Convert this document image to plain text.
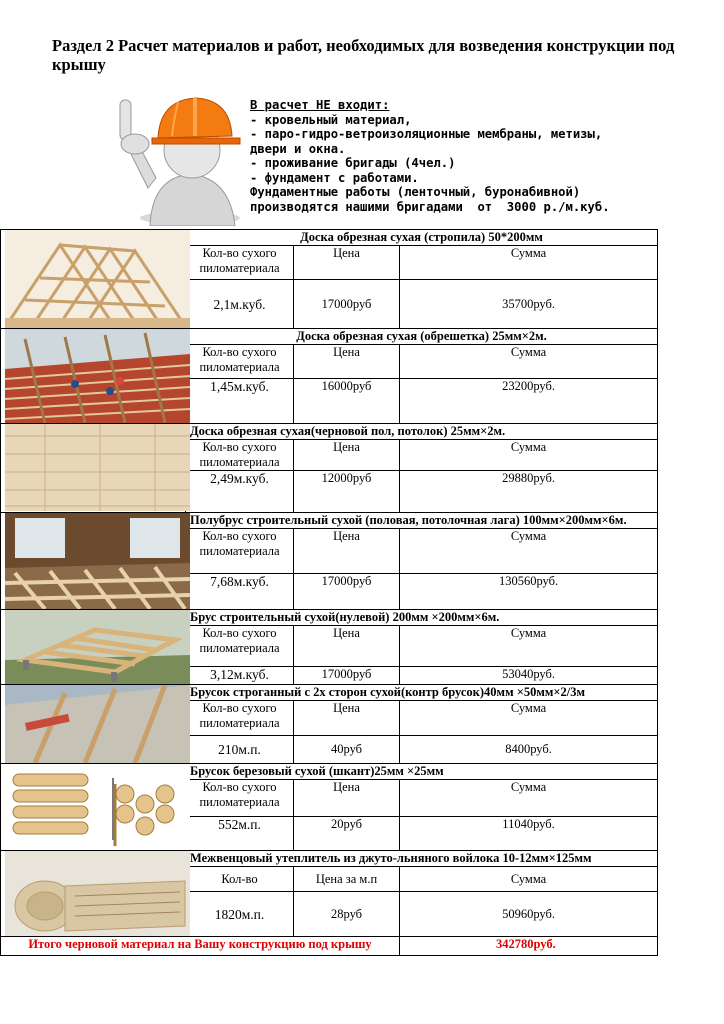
Раздел 2 Расчет материалов и работ, необходимых для возведения конструкции под крышу
В расчет НЕ входит:
- кровельный материал,
- паро-гидро-ветроизоляционные мембраны, метизы,
двери и окна.
- проживание бригады (4чел.)
- фундамент с работами.
Фундаментные работы (ленточный, буронабивной)
производятся нашими бригадами  от  3000 р./м.куб.
	Доска обрезная сухая (стропила) 50*200мм		
	Кол-во сухого пиломатериала	Цена	Сумма
	2,1м.куб.	17000руб	35700руб.

	Доска обрезная сухая (обрешетка) 25мм×2м.		
	Кол-во сухого пиломатериала	Цена	Сумма
	1,45м.куб.	16000руб	23200руб.

	Доска обрезная сухая(черновой пол, потолок) 25мм×2м.		
	Кол-во сухого пиломатериала	Цена	Сумма
	2,49м.куб.	12000руб	29880руб.

	Полубрус строительный сухой (половая, потолочная лага) 100мм×200мм×6м.		
	Кол-во сухого пиломатериала	Цена	Сумма
	7,68м.куб.	17000руб	130560руб.

	Брус строительный сухой(нулевой) 200мм ×200мм×6м.		
	Кол-во сухого пиломатериала	Цена	Сумма
	3,12м.куб.	17000руб	53040руб.

	Брусок строганный с 2х сторон сухой(контр брусок)40мм ×50мм×2/3м		
	Кол-во сухого пиломатериала	Цена	Сумма
	210м.п.	40руб	8400руб.

	Брусок березовый сухой (шкант)25мм ×25мм		
	Кол-во сухого пиломатериала	Цена	Сумма
	552м.п.	20руб	11040руб.

	Межвенцовый утеплитель из джуто-льняного войлока 10-12мм×125мм		
	Кол-во	Цена за м.п	Сумма
	1820м.п.	28руб	50960руб.
Итого черновой материал на Вашу конструкцию под крышу			342780руб.
